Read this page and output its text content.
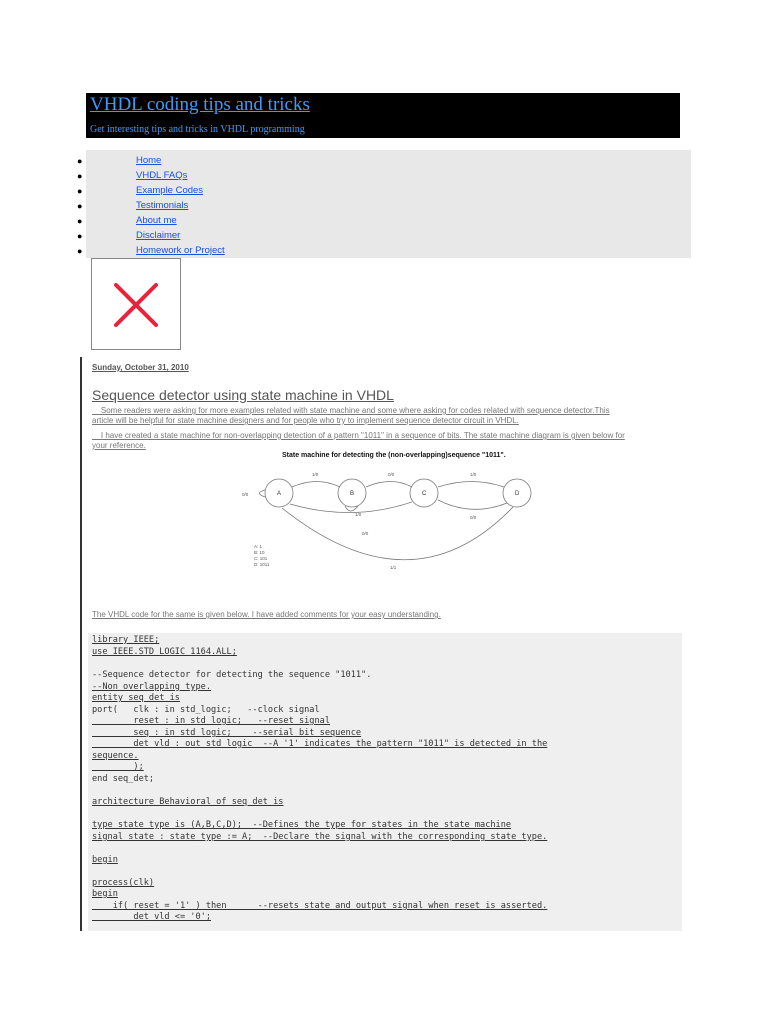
VHDL coding tips and tricks
Get interesting tips and tricks in VHDL programming
●	Home
●	VHDL FAQs
●	Example Codes
●	Testimonials
●	About me
●	Disclaimer
●	Homework or Project
Sunday, October 31, 2010
Sequence detector using state machine in VHDL
Some readers were asking for more examples related with state machine and some where asking for codes related with sequence detector.This
article will be helpful for state machine designers and for people who try to implement sequence detector circuit in VHDL.
I have created a state machine for non-overlapping detection of a pattern "1011" in a sequence of bits. The state machine diagram is given below for
your reference.
State machine for detecting the (non-overlapping)sequence "1011".
A	B	C	D
1/0	0/0	1/0
1/0
0/0
0/0
1/1
0/0
A: 1
B: 10
C: 101
D: 1011
The VHDL code for the same is given below. I have added comments for your easy understanding.
library IEEE;
use IEEE.STD_LOGIC_1164.ALL;
--Sequence detector for detecting the sequence "1011".
--Non overlapping type.
entity seq_det is
port(   clk : in std_logic;   --clock signal
reset : in std_logic;   --reset signal
seq : in std_logic;    --serial bit sequence
det_vld : out std_logic  --A '1' indicates the pattern "1011" is detected in the
sequence.
);
end seq_det;
architecture Behavioral of seq_det is
type state_type is (A,B,C,D);  --Defines the type for states in the state machine
signal state : state_type := A;  --Declare the signal with the corresponding state type.
begin
process(clk)
begin
if( reset = '1' ) then      --resets state and output signal when reset is asserted.
det_vld <= '0';
